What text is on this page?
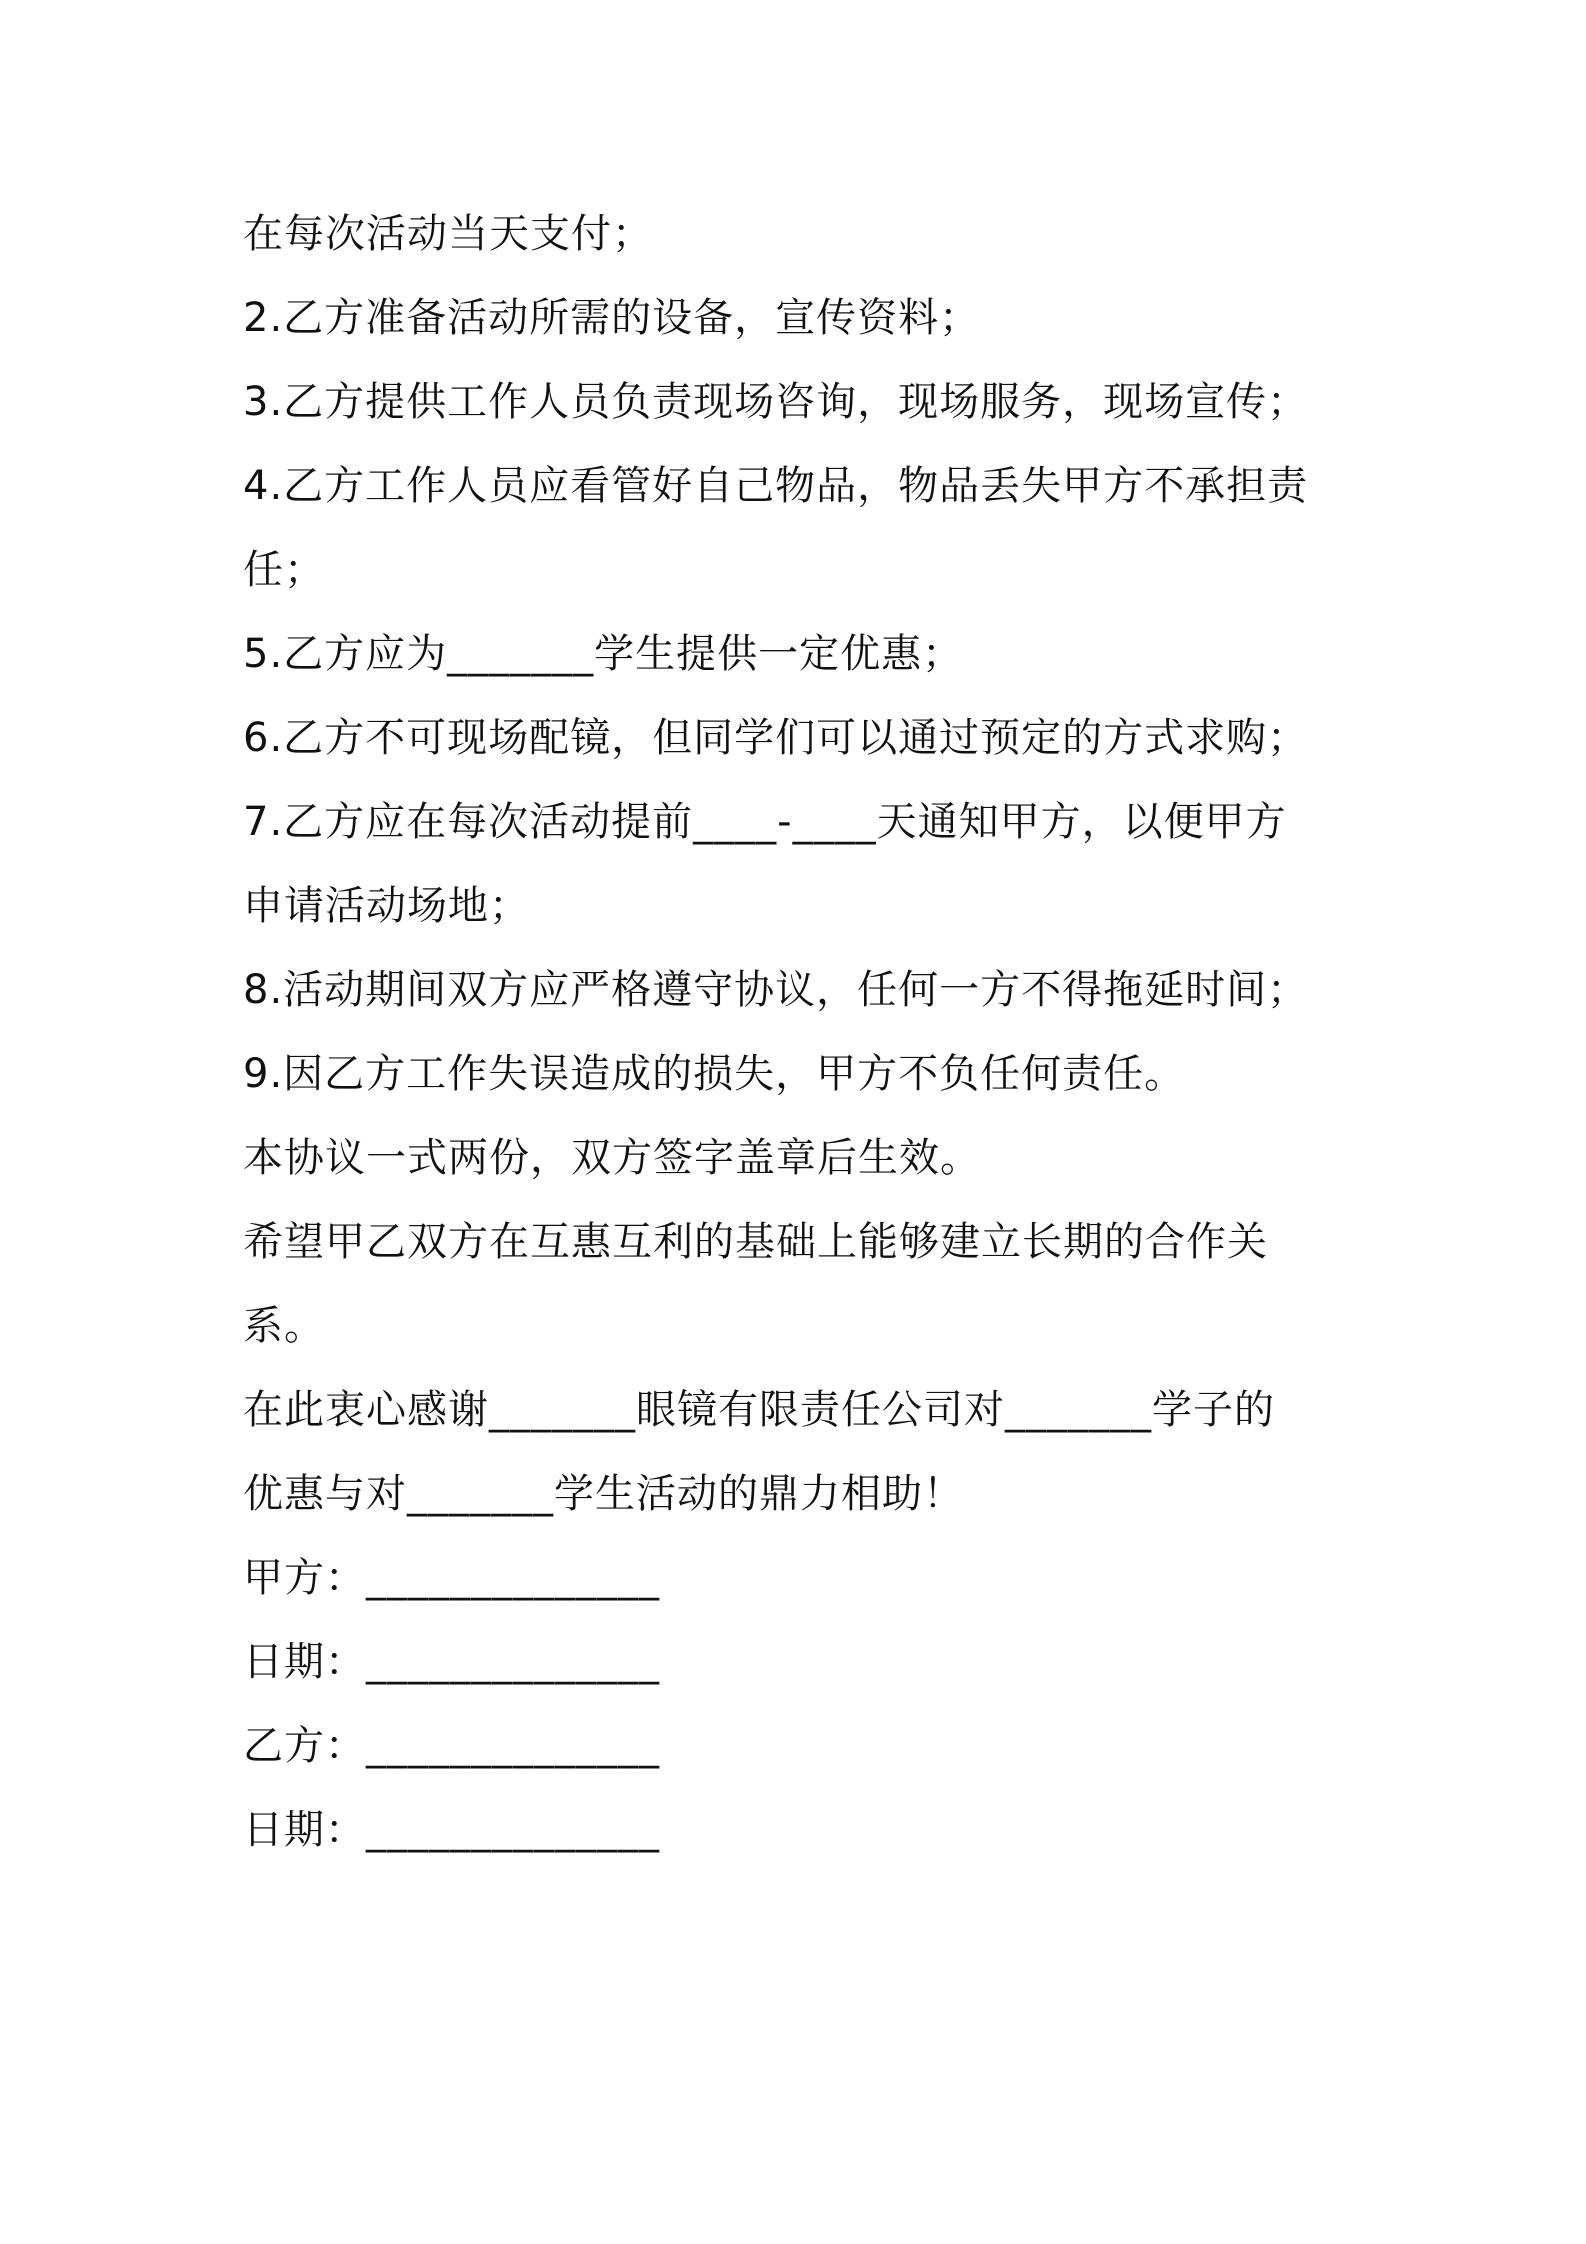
在每次活动当天支付；
2.乙方准备活动所需的设备，宣传资料；
3.乙方提供工作人员负责现场咨询，现场服务，现场宣传；
4.乙方工作人员应看管好自己物品，物品丢失甲方不承担责
任；
5.乙方应为_______学生提供一定优惠；
6.乙方不可现场配镜，但同学们可以通过预定的方式求购；
7.乙方应在每次活动提前____-____天通知甲方，以便甲方
申请活动场地；
8.活动期间双方应严格遵守协议，任何一方不得拖延时间；
9.因乙方工作失误造成的损失，甲方不负任何责任。
本协议一式两份，双方签字盖章后生效。
希望甲乙双方在互惠互利的基础上能够建立长期的合作关
系。
在此衷心感谢_______眼镜有限责任公司对_______学子的
优惠与对_______学生活动的鼎力相助！
甲方：______________
日期：______________
乙方：______________
日期：______________
